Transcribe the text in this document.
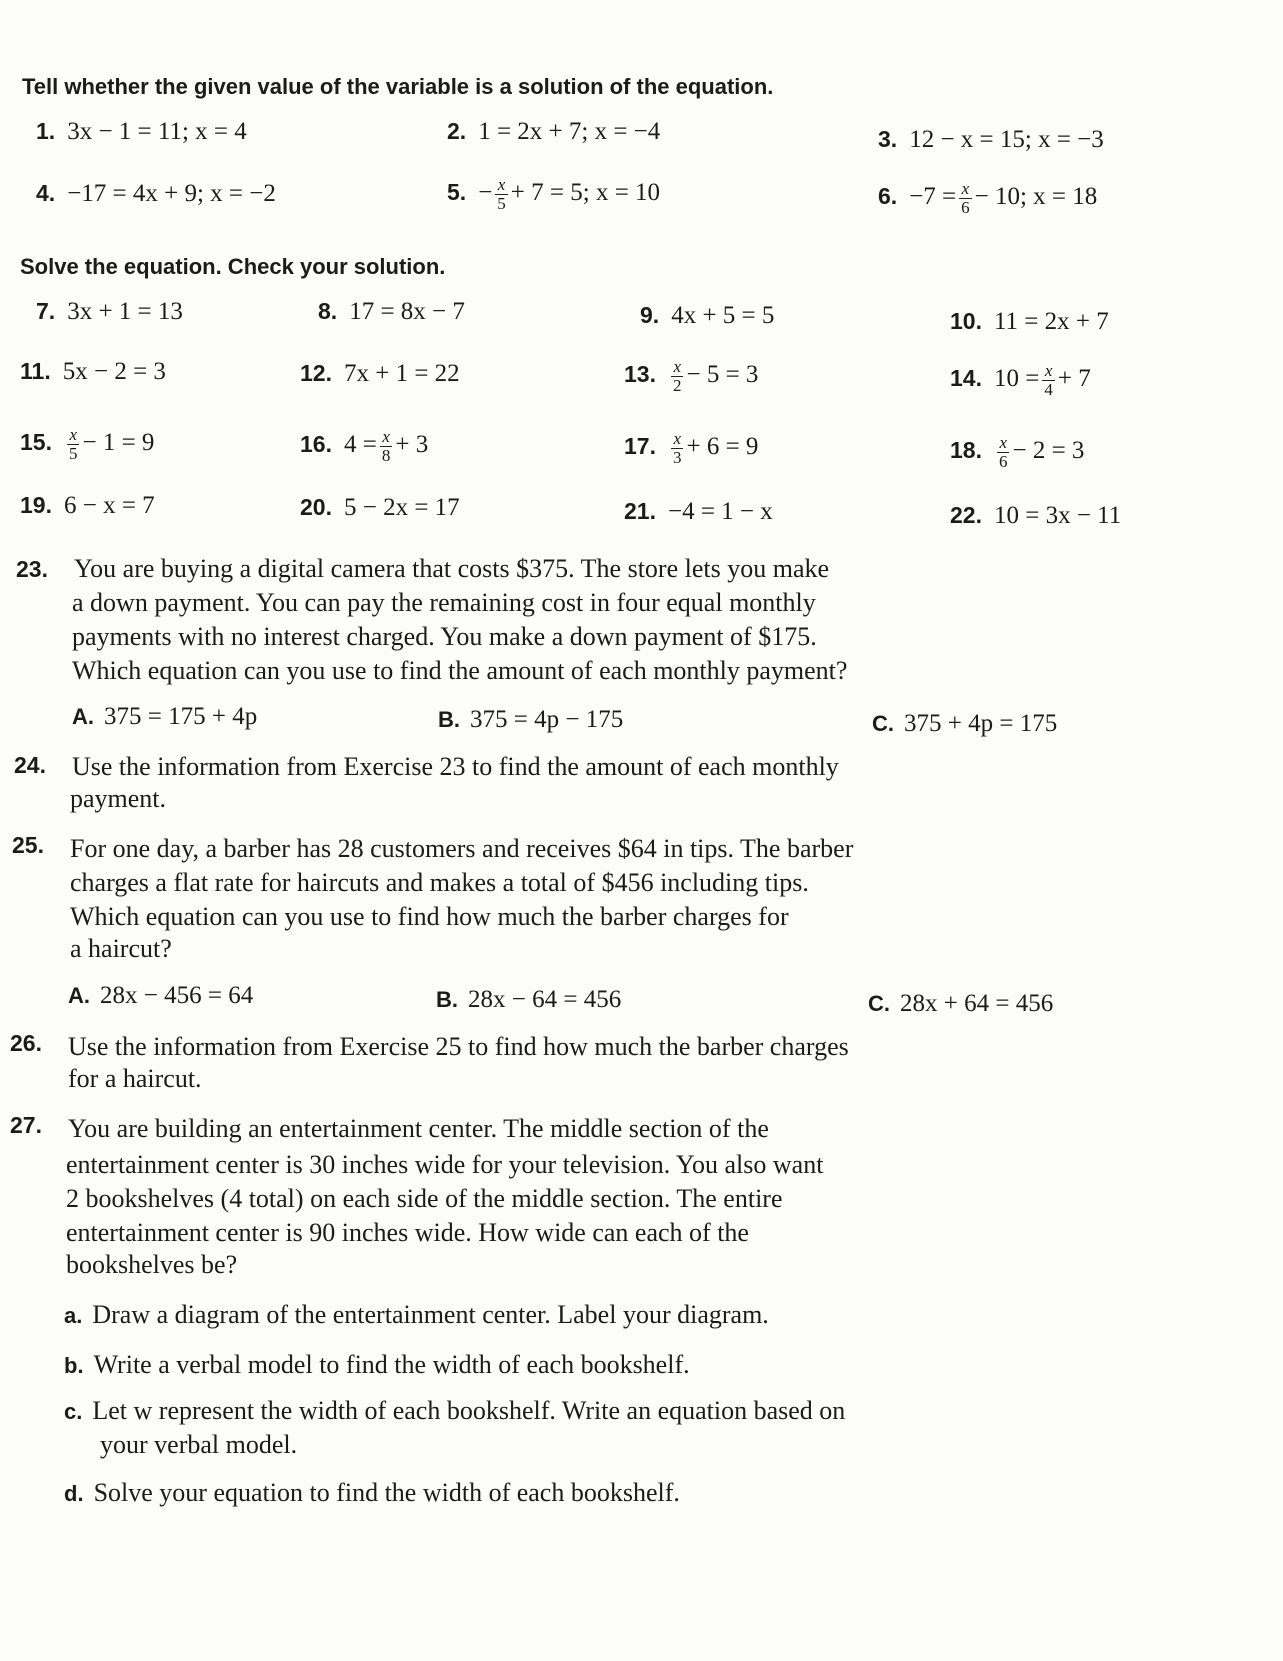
Tell whether the given value of the variable is a solution of the equation.
1. 3x − 1 = 11; x = 4	2. 1 = 2x + 7; x = −4	3. 12 − x = 15; x = −3
4. −17 = 4x + 9; x = −2	5. − $\frac{x}{5} + 7 = 5$; x = 10	6. $-7 = \frac{x}{6} - 10$; x = 18
Solve the equation. Check your solution.
7. 3x + 1 = 13	8. 17 = 8x − 7	9. 4x + 5 = 5	10. 11 = 2x + 7
11. 5x − 2 = 3	12. 7x + 1 = 22	13. $\frac{x}{2} - 5 = 3$	14. $10 = \frac{x}{4} + 7$
15. $\frac{x}{5} - 1 = 9$	16. $4 = \frac{x}{8} + 3$	17. $\frac{x}{3} + 6 = 9$	18. $\frac{x}{6} - 2 = 3$
19. 6 − x = 7	20. 5 − 2x = 17	21. −4 = 1 − x	22. 10 = 3x − 11
23. You are buying a digital camera that costs $375. The store lets you make
a down payment. You can pay the remaining cost in four equal monthly
payments with no interest charged. You make a down payment of $175.
Which equation can you use to find the amount of each monthly payment?
A. 375 = 175 + 4p	B. 375 = 4p − 175	C. 375 + 4p = 175
24. Use the information from Exercise 23 to find the amount of each monthly
payment.
25. For one day, a barber has 28 customers and receives $64 in tips. The barber
charges a flat rate for haircuts and makes a total of $456 including tips.
Which equation can you use to find how much the barber charges for
a haircut?
A. 28x − 456 = 64	B. 28x − 64 = 456	C. 28x + 64 = 456
26. Use the information from Exercise 25 to find how much the barber charges
for a haircut.
27. You are building an entertainment center. The middle section of the
entertainment center is 30 inches wide for your television. You also want
2 bookshelves (4 total) on each side of the middle section. The entire
entertainment center is 90 inches wide. How wide can each of the
bookshelves be?
a. Draw a diagram of the entertainment center. Label your diagram.
b. Write a verbal model to find the width of each bookshelf.
c. Let w represent the width of each bookshelf. Write an equation based on
your verbal model.
d. Solve your equation to find the width of each bookshelf.
